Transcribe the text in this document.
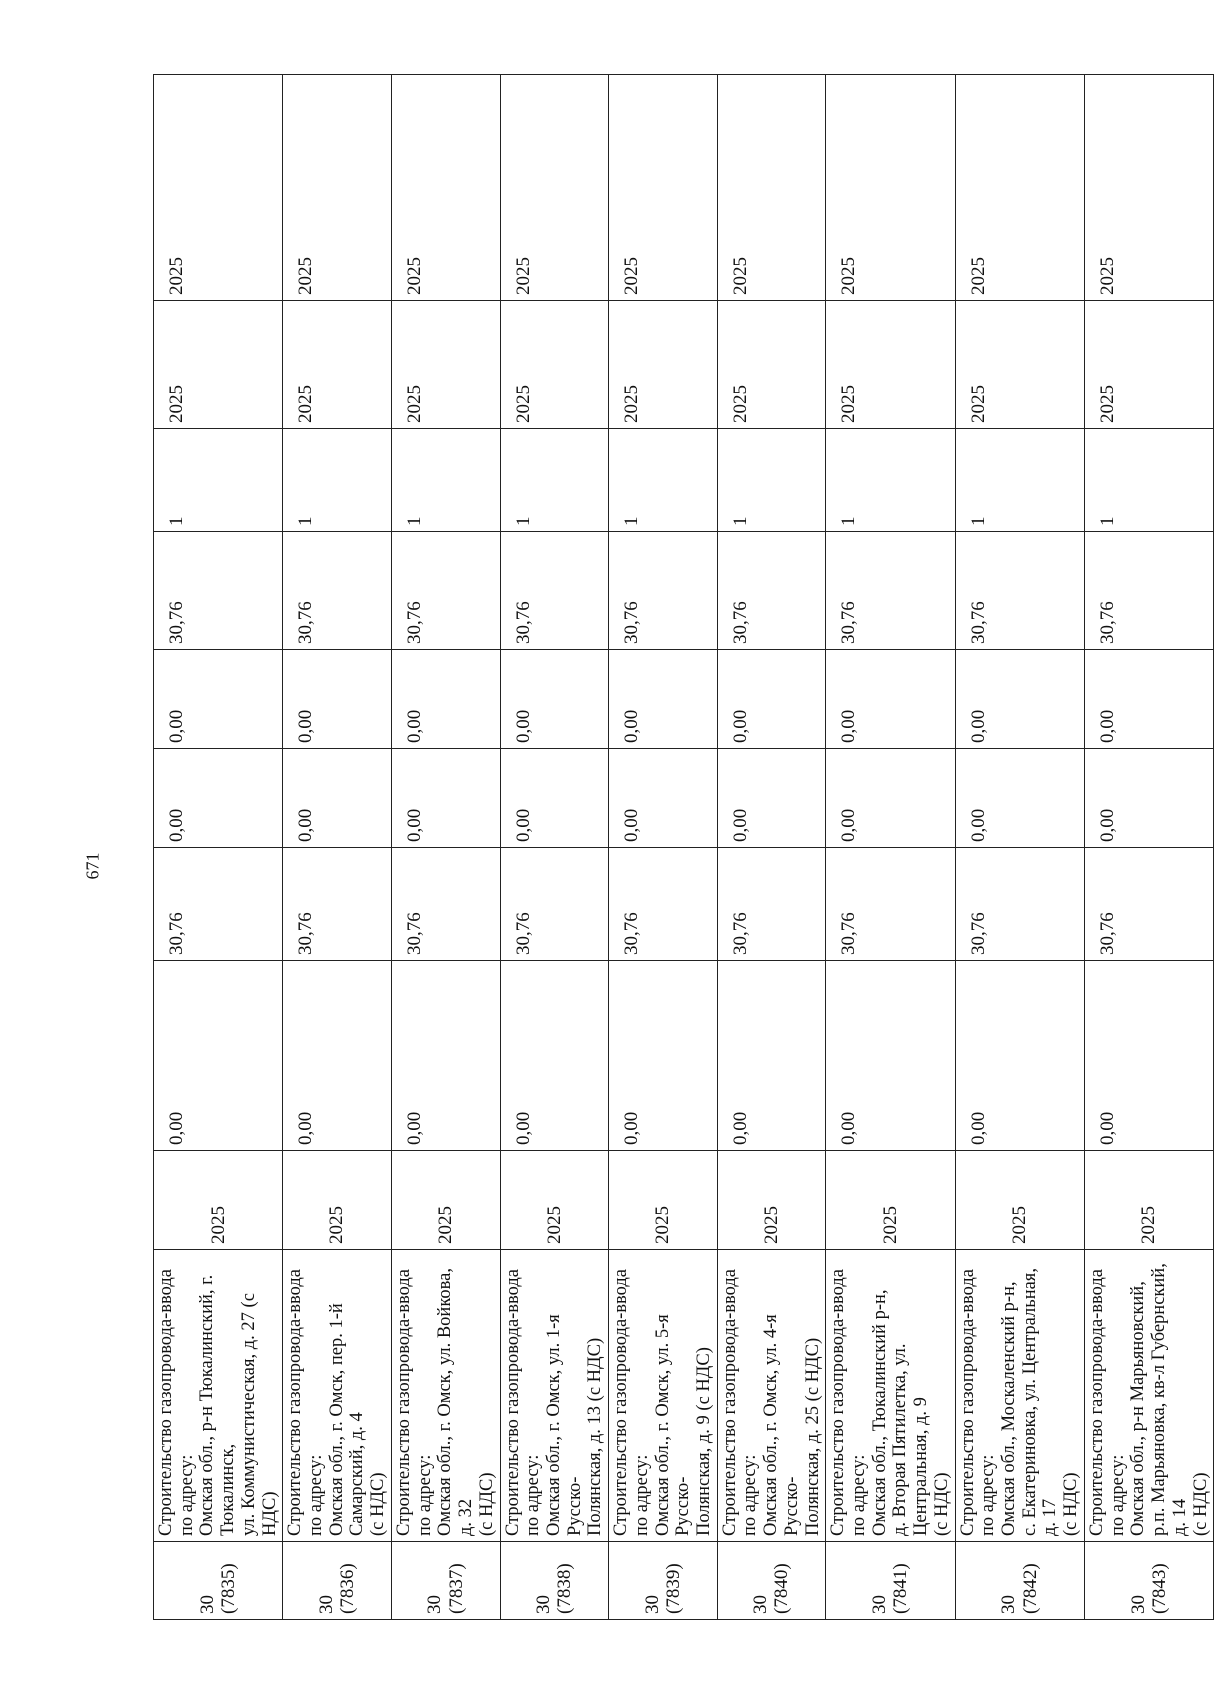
671
30
(7835)	Строительство газопровода-ввода по адресу:
Омская обл., р-н Тюкалинский, г. Тюкалинск,
ул. Коммунистическая, д. 27 (с НДС)	2025	0,00	30,76	0,00	0,00	30,76	1	2025	2025
30
(7836)	Строительство газопровода-ввода по адресу:
Омская обл., г. Омск, пер. 1-й Самарский, д. 4
(с НДС)	2025	0,00	30,76	0,00	0,00	30,76	1	2025	2025
30
(7837)	Строительство газопровода-ввода по адресу:
Омская обл., г. Омск, ул. Войкова, д. 32
(с НДС)	2025	0,00	30,76	0,00	0,00	30,76	1	2025	2025
30
(7838)	Строительство газопровода-ввода по адресу:
Омская обл., г. Омск, ул. 1-я Русско-
Полянская, д. 13 (с НДС)	2025	0,00	30,76	0,00	0,00	30,76	1	2025	2025
30
(7839)	Строительство газопровода-ввода по адресу:
Омская обл., г. Омск, ул. 5-я Русско-
Полянская, д. 9 (с НДС)	2025	0,00	30,76	0,00	0,00	30,76	1	2025	2025
30
(7840)	Строительство газопровода-ввода по адресу:
Омская обл., г. Омск, ул. 4-я Русско-
Полянская, д. 25 (с НДС)	2025	0,00	30,76	0,00	0,00	30,76	1	2025	2025
30
(7841)	Строительство газопровода-ввода по адресу:
Омская обл., Тюкалинский р-н,
д. Вторая Пятилетка, ул. Центральная, д. 9
(с НДС)	2025	0,00	30,76	0,00	0,00	30,76	1	2025	2025
30
(7842)	Строительство газопровода-ввода по адресу:
Омская обл., Москаленский р-н,
с. Екатериновка, ул. Центральная, д. 17
(с НДС)	2025	0,00	30,76	0,00	0,00	30,76	1	2025	2025
30
(7843)	Строительство газопровода-ввода по адресу:
Омская обл., р-н Марьяновский,
р.п. Марьяновка, кв-л Губернский, д. 14
(с НДС)	2025	0,00	30,76	0,00	0,00	30,76	1	2025	2025
